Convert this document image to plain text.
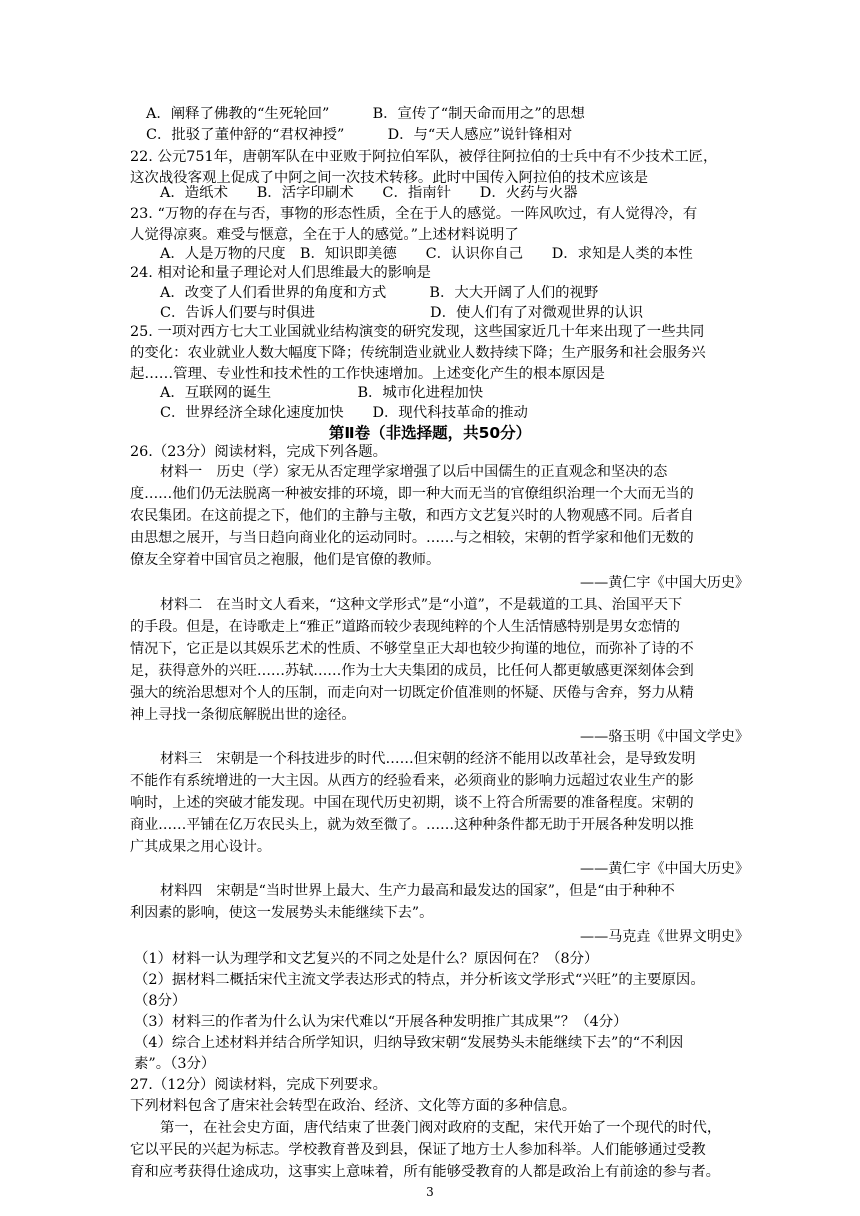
A．阐释了佛教的“生死轮回”　　　B．宣传了“制天命而用之”的思想
C．批驳了董仲舒的“君权神授”　　　D．与“天人感应”说针锋相对
22. 公元751年，唐朝军队在中亚败于阿拉伯军队，被俘往阿拉伯的士兵中有不少技术工匠，
这次战役客观上促成了中阿之间一次技术转移。此时中国传入阿拉伯的技术应该是
A．造纸术　　B．活字印刷术　　C．指南针　　D．火药与火器
23. “万物的存在与否，事物的形态性质，全在于人的感觉。一阵风吹过，有人觉得冷，有
人觉得凉爽。难受与惬意，全在于人的感觉。”上述材料说明了
A．人是万物的尺度　B．知识即美德　　C．认识你自己　　D．求知是人类的本性
24. 相对论和量子理论对人们思维最大的影响是
A．改变了人们看世界的角度和方式　　　B．大大开阔了人们的视野
C．告诉人们要与时俱进　　　　　　　　D．使人们有了对微观世界的认识
25. 一项对西方七大工业国就业结构演变的研究发现，这些国家近几十年来出现了一些共同
的变化：农业就业人数大幅度下降；传统制造业就业人数持续下降；生产服务和社会服务兴
起……管理、专业性和技术性的工作快速增加。上述变化产生的根本原因是
A．互联网的诞生　　　　　　B．城市化进程加快
C．世界经济全球化速度加快　　D．现代科技革命的推动
第Ⅱ卷（非选择题，共50分）
26.（23分）阅读材料，完成下列各题。
材料一　历史（学）家无从否定理学家增强了以后中国儒生的正直观念和坚决的态
度……他们仍无法脱离一种被安排的环境，即一种大而无当的官僚组织治理一个大而无当的
农民集团。在这前提之下，他们的主静与主敬，和西方文艺复兴时的人物观感不同。后者自
由思想之展开，与当日趋向商业化的运动同时。……与之相较，宋朝的哲学家和他们无数的
僚友全穿着中国官员之袍服，他们是官僚的教师。
——黄仁宇《中国大历史》
材料二　在当时文人看来，“这种文学形式”是“小道”，不是载道的工具、治国平天下
的手段。但是，在诗歌走上“雅正”道路而较少表现纯粹的个人生活情感特别是男女恋情的
情况下，它正是以其娱乐艺术的性质、不够堂皇正大却也较少拘谨的地位，而弥补了诗的不
足，获得意外的兴旺……苏轼……作为士大夫集团的成员，比任何人都更敏感更深刻体会到
强大的统治思想对个人的压制，而走向对一切既定价值准则的怀疑、厌倦与舍弃，努力从精
神上寻找一条彻底解脱出世的途径。
——骆玉明《中国文学史》
材料三　宋朝是一个科技进步的时代……但宋朝的经济不能用以改革社会，是导致发明
不能作有系统增进的一大主因。从西方的经验看来，必须商业的影响力远超过农业生产的影
响时，上述的突破才能发现。中国在现代历史初期，谈不上符合所需要的准备程度。宋朝的
商业……平铺在亿万农民头上，就为效至微了。……这种种条件都无助于开展各种发明以推
广其成果之用心设计。
——黄仁宇《中国大历史》
材料四　宋朝是“当时世界上最大、生产力最高和最发达的国家”，但是“由于种种不
利因素的影响，使这一发展势头未能继续下去”。
——马克垚《世界文明史》
（1）材料一认为理学和文艺复兴的不同之处是什么？原因何在？（8分）
（2）据材料二概括宋代主流文学表达形式的特点，并分析该文学形式“兴旺”的主要原因。
（8分）
（3）材料三的作者为什么认为宋代难以“开展各种发明推广其成果”？（4分）
（4）综合上述材料并结合所学知识，归纳导致宋朝“发展势头未能继续下去”的“不利因
素”。（3分）
27.（12分）阅读材料，完成下列要求。
下列材料包含了唐宋社会转型在政治、经济、文化等方面的多种信息。
第一，在社会史方面，唐代结束了世袭门阀对政府的支配，宋代开始了一个现代的时代，
它以平民的兴起为标志。学校教育普及到县，保证了地方士人参加科举。人们能够通过受教
育和应考获得仕途成功，这事实上意味着，所有能够受教育的人都是政治上有前途的参与者。
3
